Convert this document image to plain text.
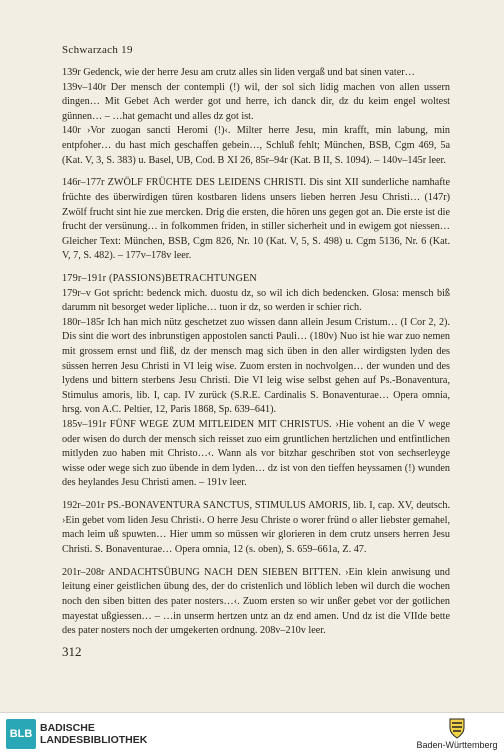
Schwarzach 19

139r Gedenck, wie der herre Jesu am crutz alles sin liden vergaß und bat sinen vater…
139v–140r Der mensch der contempli (!) wil, der sol sich lidig machen von allen ussern dingen… Mit Gebet Ach werder got und herre, ich danck dir, dz du keim engel woltest günnen… – …hat gemacht und alles dz got ist.
140r ›Vor zuogan sancti Heromi (!)‹. Milter herre Jesu, min krafft, min labung, min entpfoher… du hast mich geschaffen gebein…, Schluß fehlt; München, BSB, Cgm 469, 5a (Kat. V, 3, S. 383) u. Basel, UB, Cod. B XI 26, 85r–94r (Kat. B II, S. 1094). – 140v–145r leer.

146r–177r ZWÖLF FRÜCHTE DES LEIDENS CHRISTI. Dis sint XII sunderliche namhafte früchte des überwirdigen türen kostbaren lidens unsers lieben herren Jesu Christi… (147r) Zwölf frucht sint hie zue mercken. Drig die ersten, die hören uns gegen got an. Die erste ist die frucht der versünung… in folkommen friden, in stiller sicherheit und in ewigem got niessen… Gleicher Text: München, BSB, Cgm 826, Nr. 10 (Kat. V, 5, S. 498) u. Cgm 5136, Nr. 6 (Kat. V, 7, S. 482). – 177v–178v leer.

179r–191r (PASSIONS)BETRACHTUNGEN
179r–v Got spricht: bedenck mich. duostu dz, so wil ich dich bedencken. Glosa: mensch biß darumm nit besorget weder lipliche… tuon ir dz, so werden ir schier rich.
180r–185r Ich han mich nütz geschetzet zuo wissen dann allein Jesum Cristum… (I Cor 2, 2). Dis sint die wort des inbrunstigen appostolen sancti Pauli… (180v) Nuo ist hie war zuo nemen mit grossem ernst und fliß, dz der mensch mag sich üben in den aller wirdigsten lyden des süssen herren Jesu Christi in VI leig wise. Zuom ersten in nochvolgen… der wunden und des lydens und bittern sterbens Jesu Christi. Die VI leig wise selbst gehen auf Ps.-Bonaventura, Stimulus amoris, lib. I, cap. IV zurück (S.R.E. Cardinalis S. Bonaventurae… Opera omnia, hrsg. von A.C. Peltier, 12, Paris 1868, Sp. 639–641).
185v–191r FÜNF WEGE ZUM MITLEIDEN MIT CHRISTUS. ›Hie vohent an die V wege oder wisen do durch der mensch sich reisset zuo eim gruntlichen hertzlichen und entfintlichen mitlyden zuo haben mit Christo…‹. Wann als vor bitzhar geschriben stot von sechserleyge wisse oder wege sich zuo übende in dem lyden… dz ist von den tieffen heyssamen (!) wunden des heylandes Jesu Christi amen. – 191v leer.

192r–201r PS.-BONAVENTURA SANCTUS, STIMULUS AMORIS, lib. I, cap. XV, deutsch. ›Ein gebet vom liden Jesu Christi‹. O herre Jesu Christe o worer fründ o aller liebster gemahel, mach leim uß spuwten… Hier umm so müssen wir glorieren in dem crutz unsers herren Jesu Christi. S. Bonaventurae… Opera omnia, 12 (s. oben), S. 659–661a, Z. 47.

201r–208r ANDACHTSÜBUNG NACH DEN SIEBEN BITTEN. ›Ein klein anwisung und leitung einer geistlichen übung des, der do cristenlich und löblich leben wil durch die wochen noch den siben bitten des pater nosters…‹. Zuom ersten so wir unßer gebet vor der gotlichen mayestat ußgiessen… – …in unserm hertzen untz an dz end amen. Und dz ist die VIIde bette des pater nosters noch der umgekerten ordnung. 208v–210v leer.

312
BLB BADISCHE
LANDESBIBLIOTHEK	Baden-Württemberg
